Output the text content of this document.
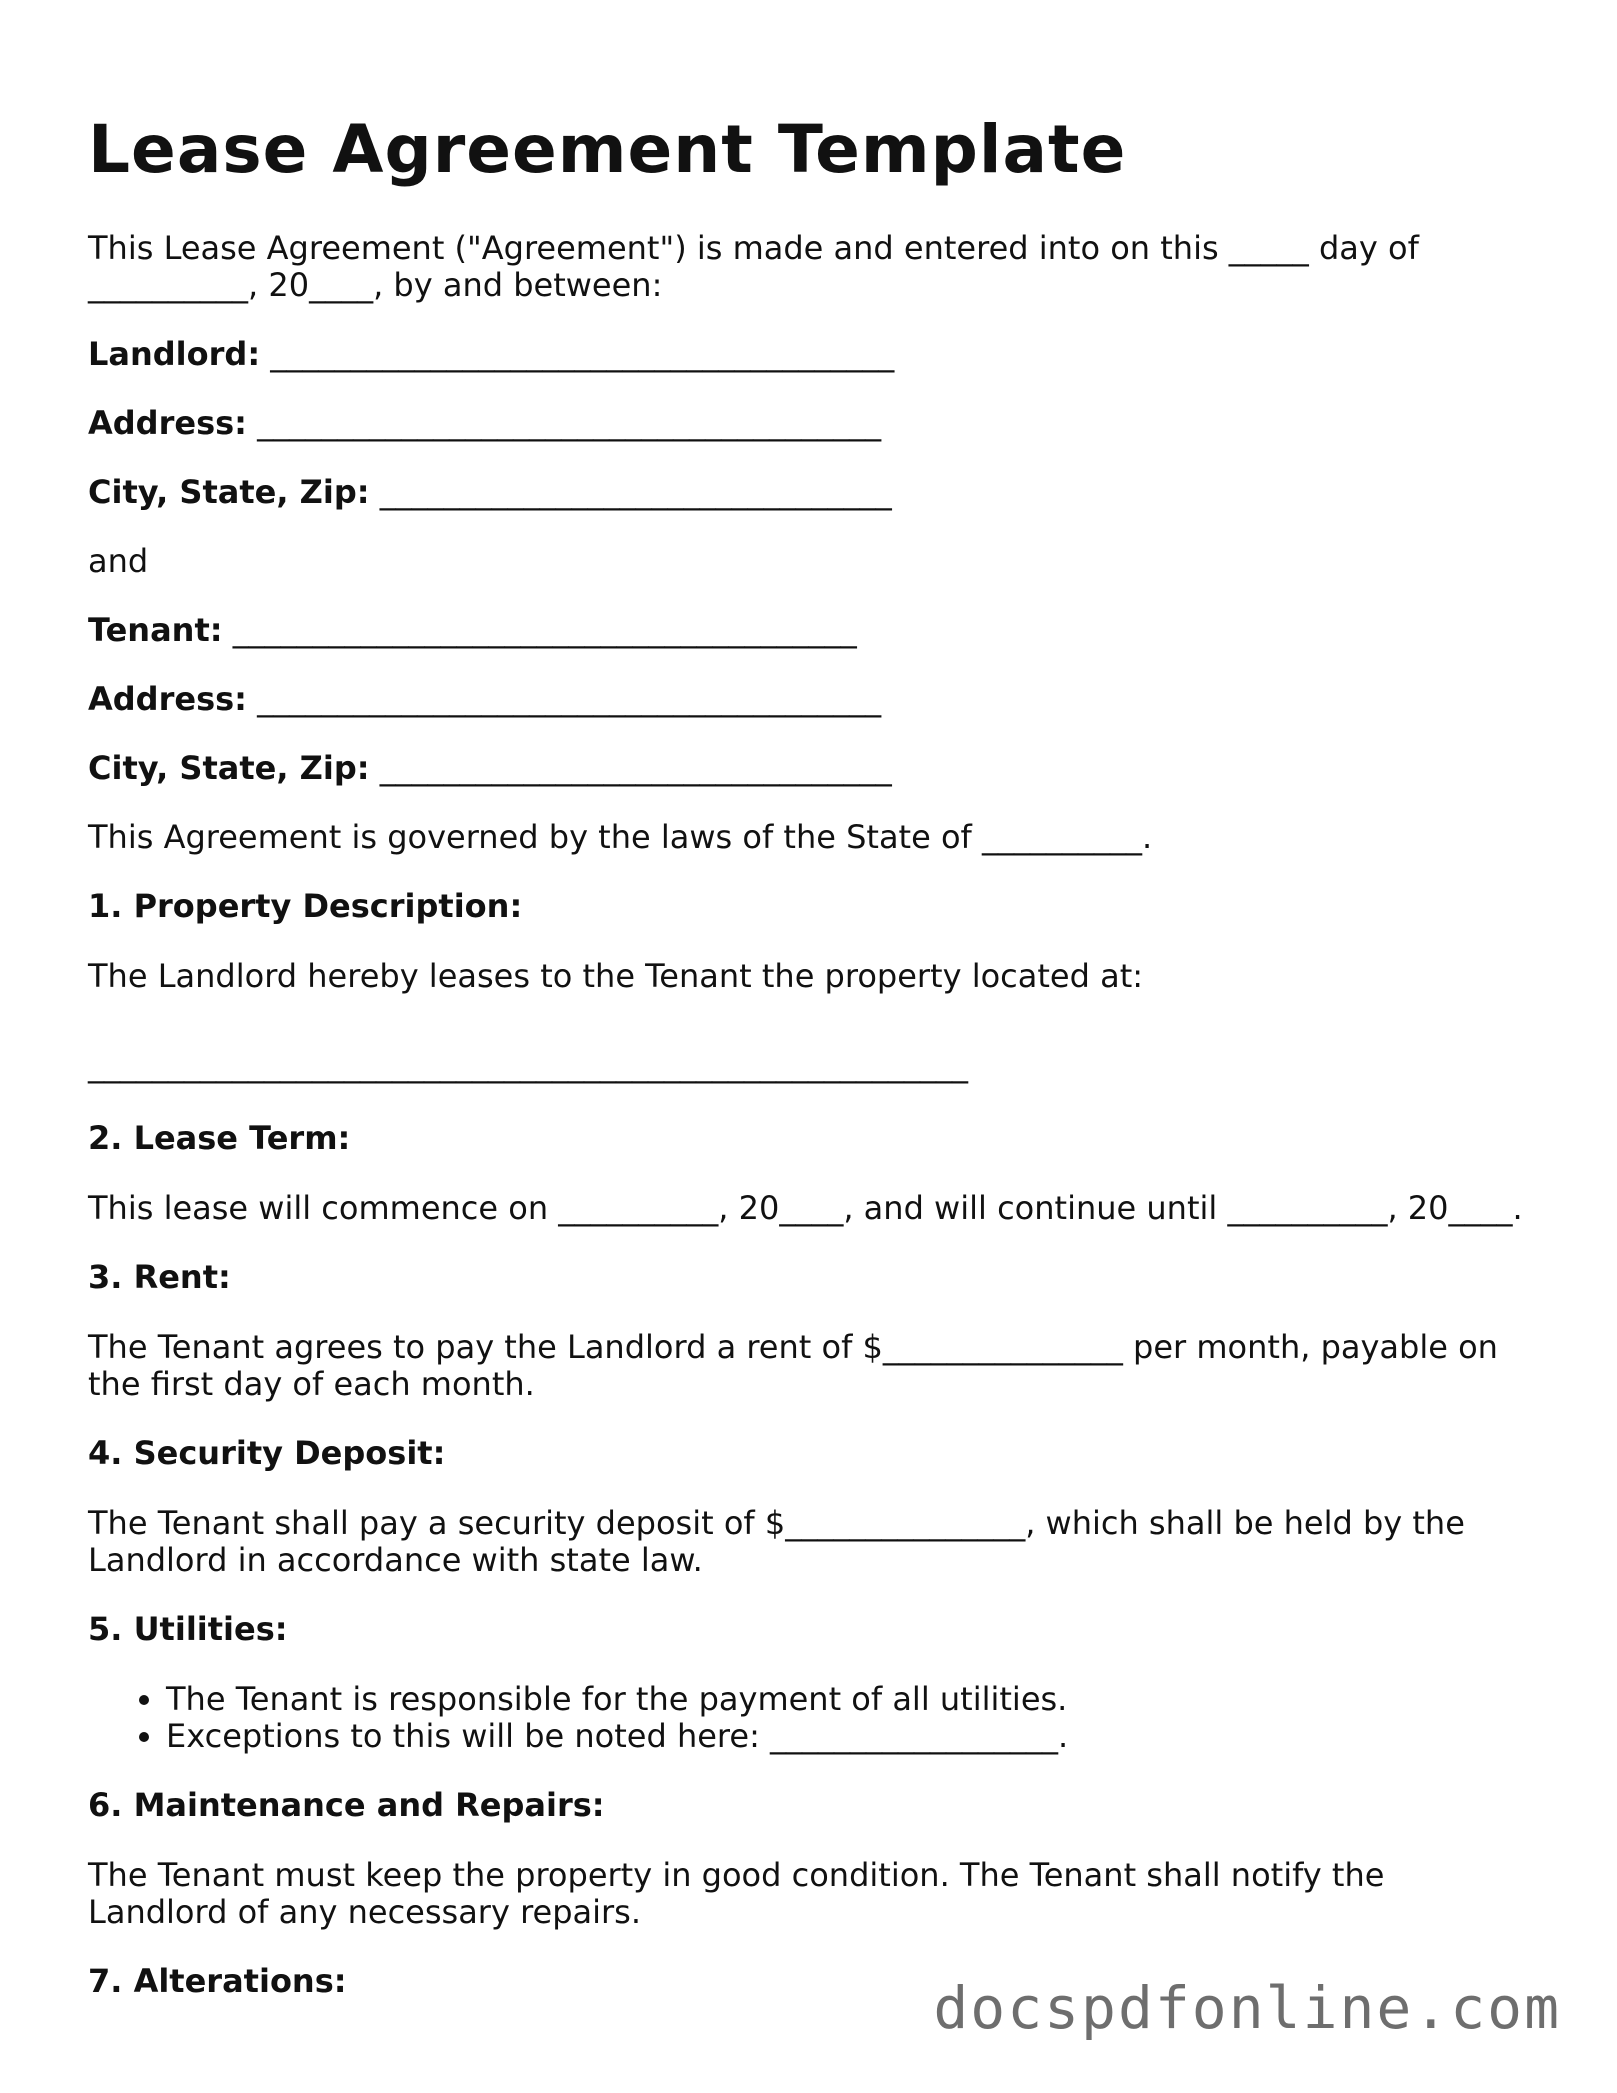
Lease Agreement Template

This Lease Agreement ("Agreement") is made and entered into on this _____ day of __________, 20____, by and between:

Landlord: _______________________________________

Address: _______________________________________

City, State, Zip: ________________________________

and

Tenant: _______________________________________

Address: _______________________________________

City, State, Zip: ________________________________

This Agreement is governed by the laws of the State of __________.

1. Property Description:

The Landlord hereby leases to the Tenant the property located at:

_______________________________________________________

2. Lease Term:

This lease will commence on __________, 20____, and will continue until __________, 20____.

3. Rent:

The Tenant agrees to pay the Landlord a rent of $_______________ per month, payable on the first day of each month.

4. Security Deposit:

The Tenant shall pay a security deposit of $_______________, which shall be held by the Landlord in accordance with state law.

5. Utilities:

• The Tenant is responsible for the payment of all utilities.
• Exceptions to this will be noted here: __________________.

6. Maintenance and Repairs:

The Tenant must keep the property in good condition. The Tenant shall notify the Landlord of any necessary repairs.

7. Alterations:	docspdfonline.com
